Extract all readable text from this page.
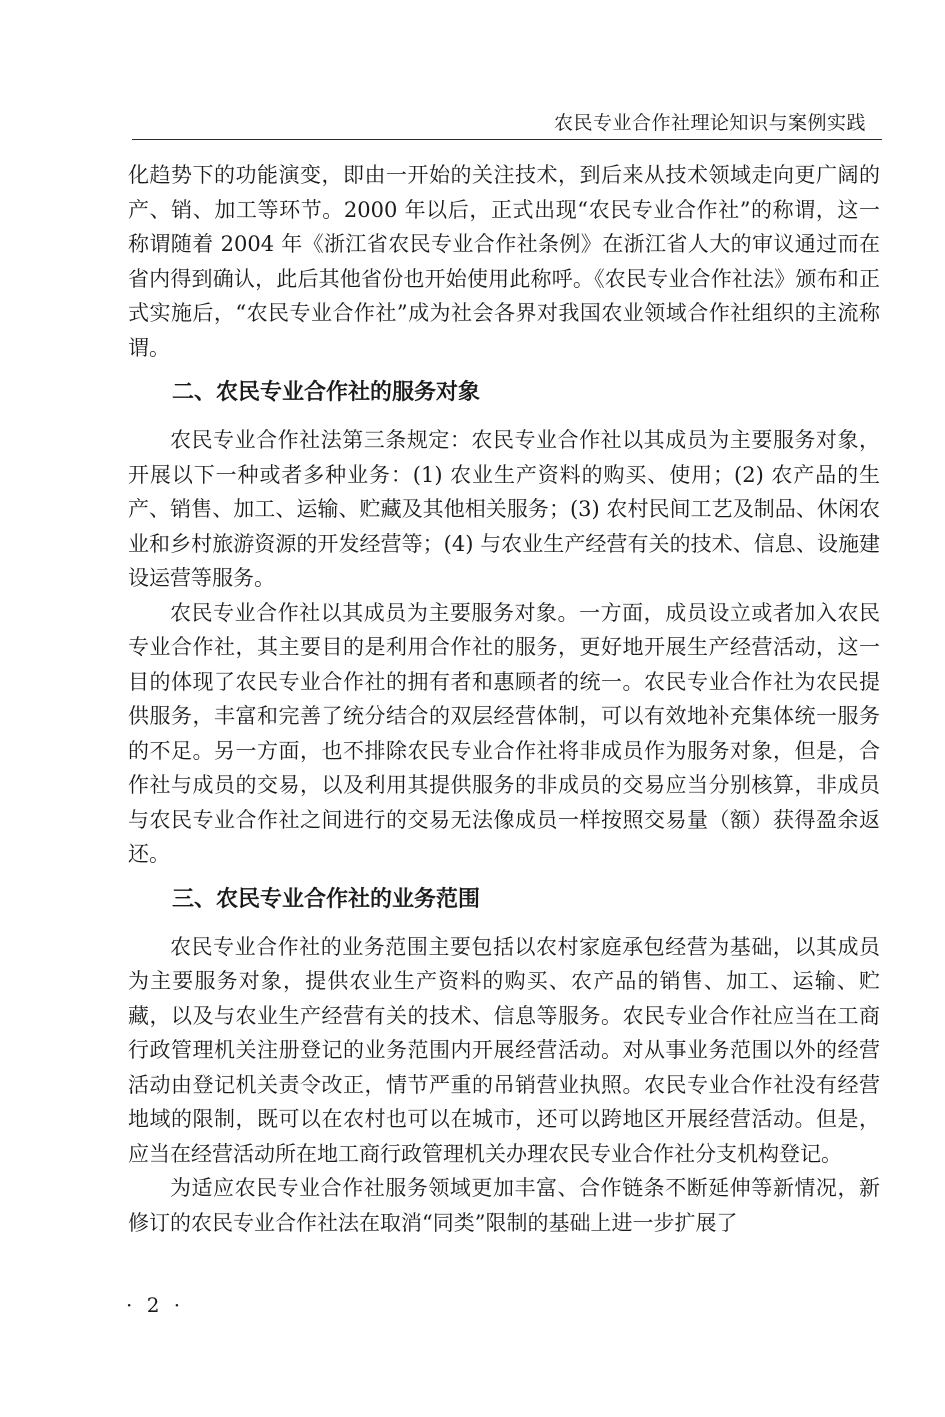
农民专业合作社理论知识与案例实践

化趋势下的功能演变，即由一开始的关注技术，到后来从技术领域走向更广阔的产、销、加工等环节。2000 年以后，正式出现“农民专业合作社”的称谓，这一称谓随着 2004 年《浙江省农民专业合作社条例》在浙江省人大的审议通过而在省内得到确认，此后其他省份也开始使用此称呼。《农民专业合作社法》颁布和正式实施后，“农民专业合作社”成为社会各界对我国农业领域合作社组织的主流称谓。

二、农民专业合作社的服务对象

农民专业合作社法第三条规定：农民专业合作社以其成员为主要服务对象，开展以下一种或者多种业务：(1) 农业生产资料的购买、使用；(2) 农产品的生产、销售、加工、运输、贮藏及其他相关服务；(3) 农村民间工艺及制品、休闲农业和乡村旅游资源的开发经营等；(4) 与农业生产经营有关的技术、信息、设施建设运营等服务。

农民专业合作社以其成员为主要服务对象。一方面，成员设立或者加入农民专业合作社，其主要目的是利用合作社的服务，更好地开展生产经营活动，这一目的体现了农民专业合作社的拥有者和惠顾者的统一。农民专业合作社为农民提供服务，丰富和完善了统分结合的双层经营体制，可以有效地补充集体统一服务的不足。另一方面，也不排除农民专业合作社将非成员作为服务对象，但是，合作社与成员的交易，以及利用其提供服务的非成员的交易应当分别核算，非成员与农民专业合作社之间进行的交易无法像成员一样按照交易量（额）获得盈余返还。

三、农民专业合作社的业务范围

农民专业合作社的业务范围主要包括以农村家庭承包经营为基础，以其成员为主要服务对象，提供农业生产资料的购买、农产品的销售、加工、运输、贮藏，以及与农业生产经营有关的技术、信息等服务。农民专业合作社应当在工商行政管理机关注册登记的业务范围内开展经营活动。对从事业务范围以外的经营活动由登记机关责令改正，情节严重的吊销营业执照。农民专业合作社没有经营地域的限制，既可以在农村也可以在城市，还可以跨地区开展经营活动。但是，应当在经营活动所在地工商行政管理机关办理农民专业合作社分支机构登记。

为适应农民专业合作社服务领域更加丰富、合作链条不断延伸等新情况，新修订的农民专业合作社法在取消“同类”限制的基础上进一步扩展了

· 2 ·
